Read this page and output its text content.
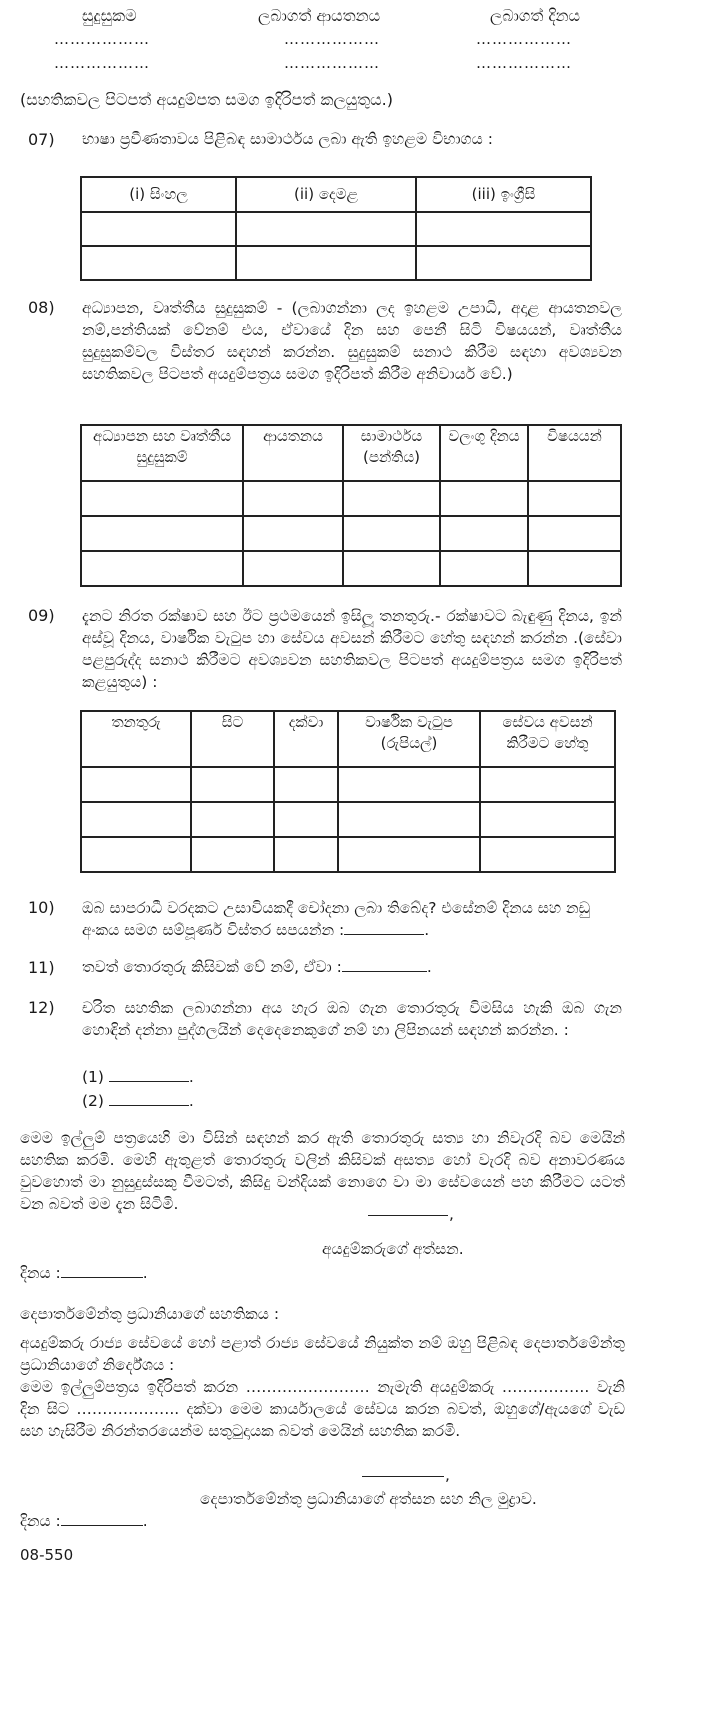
සුදුසුකම	ලබාගත් ආයතනය	ලබාගත් දිනය
………………	………………	………………
………………	………………	………………
(සහතිකවල පිටපත් අයදුම්පත සමග ඉදිරිපත් කලයුතුය.)
07) භාෂා ප්‍රවීණතාවය පිළිබඳ සාමාර්ථය ලබා ඇති ඉහළම විභාගය :
(i) සිංහල	(ii) දෙමළ	(iii) ඉංග්‍රීසි

08) අධ්‍යාපන, වෘත්තීය සුදුසුකම් - (ලබාගන්නා ලද ඉහළම උපාධි, අදාළ ආයතනවල නම්,පන්තියක් වේනම් එය, ඒවායේ දින සහ පෙනී සිටි විෂයයන්, වෘත්තීය සුදුසුකම්වල විස්තර සඳහන් කරන්න. සුදුසුකම් සනාථ කිරීම සඳහා අවශ්‍යවන සහතිකවල පිටපත් අයදුම්පත්‍රය සමග ඉදිරිපත් කිරීම අනිවාර්ය වේ.)
අධ්‍යාපන සහ වෘත්තීය සුදුසුකම්	ආයතනය	සාමාර්ථය (පන්තිය)	වලංගු දිනය	විෂයයන්

09) දැනට නිරත රක්ෂාව සහ ඊට ප්‍රථමයෙන් ඉසිලූ තනතුරු.- රක්ෂාවට බැඳුණු දිනය, ඉන් අස්වූ දිනය, වාර්ෂික වැටුප හා සේවය අවසන් කිරීමට හේතු සඳහන් කරන්න .(සේවා පළපුරුද්ද සනාථ කිරීමට අවශ්‍යවන සහතිකවල පිටපත් අයදුම්පත්‍රය සමග ඉදිරිපත් කළයුතුය) :
තනතුරු	සිට	දක්වා	වාර්ෂික වැටුප (රුපියල්)	සේවය අවසන් කිරීමට හේතු

10) ඔබ සාපරාධී වරදකට උසාවියකදී චෝදනා ලබා තිබේද? එසේනම් දිනය සහ නඩු අංකය සමග සම්පූර්ණ විස්තර සපයන්න :	.
11) තවත් තොරතුරු කිසිවක් වේ නම්, ඒවා :	.
12) චරිත සහතික ලබාගන්නා අය හැර ඔබ ගැන තොරතුරු විමසිය හැකි ඔබ ගැන හොඳින් දන්නා පුද්ගලයින් දෙදෙනෙකුගේ නම් හා ලිපිනයන් සඳහන් කරන්න. :
(1)	.
(2)	.
මෙම ඉල්ලුම් පත්‍රයෙහි මා විසින් සඳහන් කර ඇති තොරතුරු සත්‍ය හා නිවැරදි බව මෙයින් සහතික කරමි. මෙහි ඇතුළත් තොරතුරු වලින් කිසිවක් අසත්‍ය හෝ වැරදි බව අනාවරණය වුවහොත් මා නුසුදුස්සකු වීමටත්, කිසිදු වන්දියක් නොගෙ වා මා සේවයෙන් පහ කිරීමට යටත් වන බවත් මම දැන සිටිමි.
,
අයදුම්කරුගේ අත්සන.
දිනය :	.
දෙපාර්තමේන්තු ප්‍රධානියාගේ සහතිකය :
අයදුම්කරු රාජ්‍ය සේවයේ හෝ පළාත් රාජ්‍ය සේවයේ නියුක්ත නම් ඔහු පිළිබඳ දෙපාර්තමේන්තු ප්‍රධානියාගේ නිර්දේශය :
මෙම ඉල්ලුම්පත්‍රය ඉදිරිපත් කරන …………………… නැමැති අයදුම්කරු …………….. වැනි දින සිට ……………….. දක්වා මෙම කාර්යාලයේ සේවය කරන බවත්, ඔහුගේ/ඇයගේ වැඩ සහ හැසිරීම නිරන්තරයෙන්ම සතුටුදායක බවත් මෙයින් සහතික කරමි.
,
දෙපාර්තමේන්තු ප්‍රධානියාගේ අත්සන සහ නිල මුද්‍රාව.
දිනය :	.
08-550
